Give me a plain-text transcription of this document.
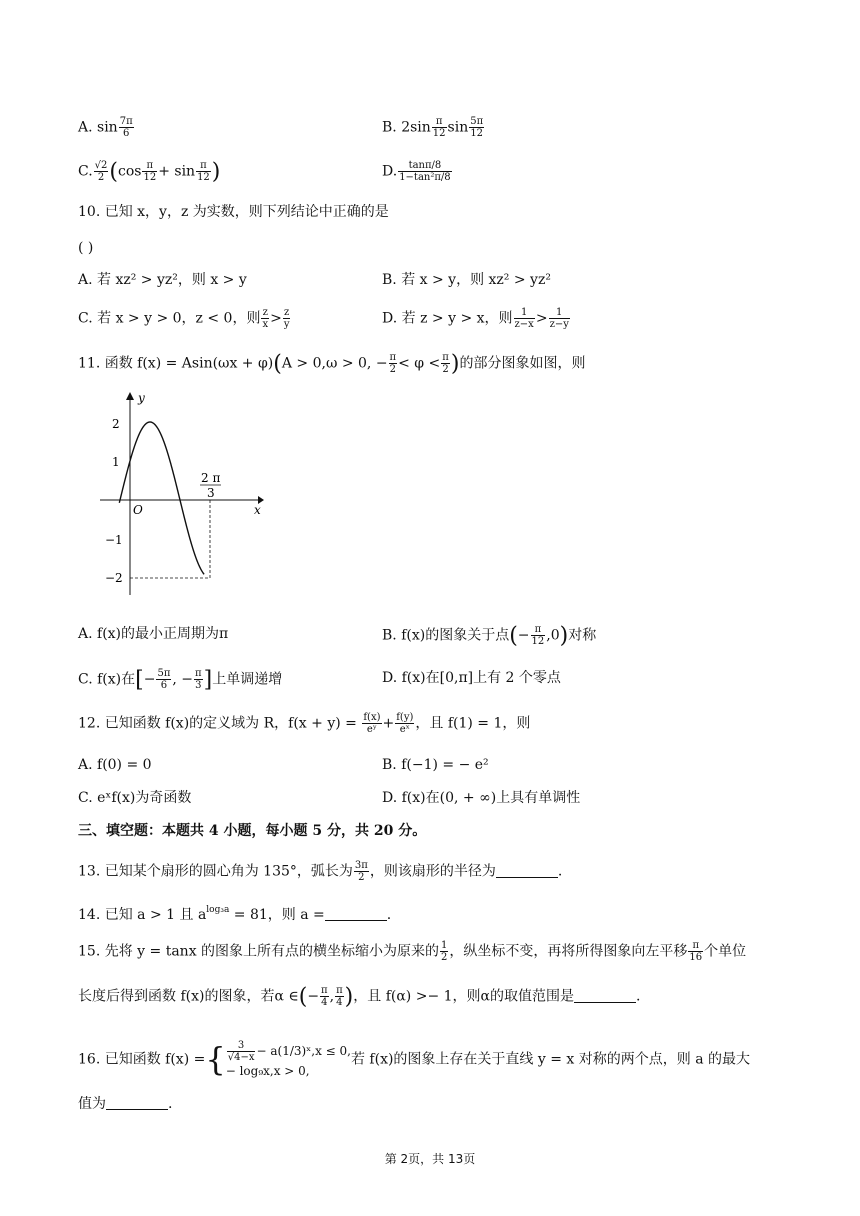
A. $\sin \frac{7\pi}{6}$	B. $2\sin \frac{\pi}{12}$ $\sin \frac{5\pi}{12}$
C. $\frac{√2}{2} (\cos \frac{\pi}{12} + \sin \frac{\pi}{12}$ )	D. $\frac{\tan\pi/8}{\text{1−tan²π/8}}$
10. 已知 x，y，z 为实数，则下列结论中正确的是
( )
A. 若 xz² > yz²，则 x > y	B. 若 x > y，则 xz² > yz²
C. 若 x > y > 0，z < 0，则 $\frac{z}{x} > \frac{z}{y}$	D. 若 z > y > x，则 $\frac{1}{z-x} > \frac{1}{z-y}$
11. 函数 f(x) = Asin(ωx + φ)(A > 0,ω > 0, − $\frac{\pi}{2} < \varphi < \frac{\pi}{2}$ )的部分图象如图，则
y
x
O
2
1
−1
−2
2 π
3
A. f(x)的最小正周期为π	B. f(x)的图象关于点(− $\frac{\pi}{12} ,0$)对称
C. f(x)在[− $\frac{5\pi}{6}$ , − $\frac{\pi}{3}$ ]上单调递增	D. f(x)在[0,π]上有 2 个零点
12. 已知函数 f(x)的定义域为 R，$f(x + y) = \frac{f(x)}{\text{eʸ}} + \frac{f(y)}{\text{eˣ}}$ ，且 f(1) = 1，则
A. f(0) = 0	B. f(−1) = − e²
C. eˣf(x)为奇函数	D. f(x)在(0, + ∞)上具有单调性
三、填空题：本题共 4 小题，每小题 5 分，共 20 分。
13. 已知某个扇形的圆心角为 135°，弧长为 $\frac{3\pi}{2}$ ，则该扇形的半径为	.
14. 已知 a > 1 且 $a^{log_3a} = 81$，则 a =	.
15. 先将 y = tanx 的图象上所有点的横坐标缩小为原来的 $\frac{1}{2}$ ，纵坐标不变，再将所得图象向左平移 $\frac{\pi}{16}$ 个单位
长度后得到函数 f(x)的图象，若α ∈(− $\frac{\pi}{4}$ , $\frac{\pi}{4}$ )，且 f(α) >− 1，则α的取值范围是	.
16. 已知函数 f(x) ={ $\frac{3}{√4-x}$ − a(1/3)ˣ,x ≤ 0,
− log₉x,x > 0,
若 f(x)的图象上存在关于直线 y = x 对称的两个点，则 a 的最大
值为	.
第 2页，共 13页
